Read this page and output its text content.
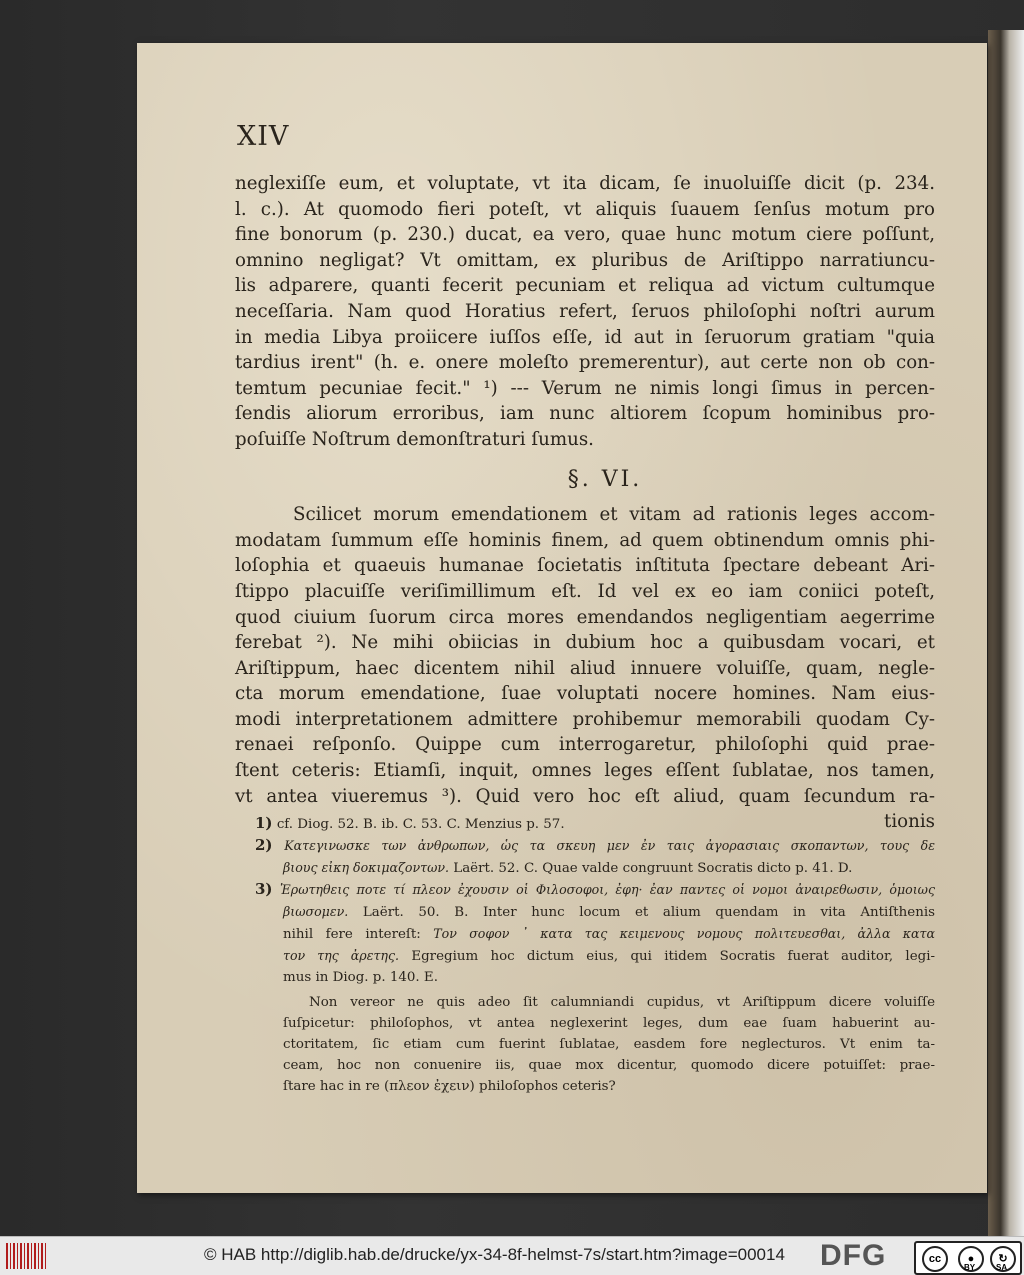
XIV
neglexiſſe eum, et voluptate, vt ita dicam, ſe inuoluiſſe dicit (p. 234.
l. c.). At quomodo fieri poteſt, vt aliquis ſuauem ſenſus motum pro
fine bonorum (p. 230.) ducat, ea vero, quae hunc motum ciere poſſunt,
omnino negligat? Vt omittam, ex pluribus de Ariſtippo narratiuncu-
lis adparere, quanti fecerit pecuniam et reliqua ad victum cultumque
neceſſaria. Nam quod Horatius refert, ſeruos philoſophi noſtri aurum
in media Libya proiicere iuſſos eſſe, id aut in ſeruorum gratiam "quia
tardius irent" (h. e. onere moleſto premerentur), aut certe non ob con-
temtum pecuniae fecit." ¹) --- Verum ne nimis longi ſimus in percen-
ſendis aliorum erroribus, iam nunc altiorem ſcopum hominibus pro-
poſuiſſe Noſtrum demonſtraturi ſumus.
§. VI.
Scilicet morum emendationem et vitam ad rationis leges accom-
modatam ſummum eſſe hominis finem, ad quem obtinendum omnis phi-
loſophia et quaeuis humanae ſocietatis inſtituta ſpectare debeant Ari-
ſtippo placuiſſe veriſimillimum eſt. Id vel ex eo iam coniici poteſt,
quod ciuium ſuorum circa mores emendandos negligentiam aegerrime
ferebat ²). Ne mihi obiicias in dubium hoc a quibusdam vocari, et
Ariſtippum, haec dicentem nihil aliud innuere voluiſſe, quam, negle-
cta morum emendatione, ſuae voluptati nocere homines. Nam eius-
modi interpretationem admittere prohibemur memorabili quodam Cy-
renaei reſponſo. Quippe cum interrogaretur, philoſophi quid prae-
ſtent ceteris: Etiamſi, inquit, omnes leges eſſent ſublatae, nos tamen,
vt antea viueremus ³). Quid vero hoc eſt aliud, quam ſecundum ra-
tionis
1) cf. Diog. 52. B. ib. C. 53. C. Menzius p. 57.
2) Κατεγινωσκε των ἀνθρωπων, ὡς τα σκευη μεν ἐν ταις ἀγορασιαις σκοπαντων, τους δε
βιους εἰκη δοκιμαζοντων. Laërt. 52. C. Quae valde congruunt Socratis dicto p. 41. D.
3) Ἐρωτηθεις ποτε τί πλεον ἐχουσιν οἱ Φιλοσοφοι, ἐφη· ἐαν παντες οἱ νομοι ἀναιρεθωσιν, ὁμοιως
βιωσομεν. Laërt. 50. B. Inter hunc locum et alium quendam in vita Antiſthenis
nihil fere intereſt: Τον σοφον ᾽ κατα τας κειμενους νομους πολιτευεσθαι, ἀλλα κατα
τον της ἀρετης. Egregium hoc dictum eius, qui itidem Socratis fuerat auditor, legi-
mus in Diog. p. 140. E.
Non vereor ne quis adeo ſit calumniandi cupidus, vt Ariſtippum dicere voluiſſe
ſuſpicetur: philoſophos, vt antea neglexerint leges, dum eae ſuam habuerint au-
ctoritatem, ſic etiam cum fuerint ſublatae, easdem fore neglecturos. Vt enim ta-
ceam, hoc non conuenire iis, quae mox dicentur, quomodo dicere potuiſſet: prae-
ſtare hac in re (πλεον ἐχειν) philoſophos ceteris?
© HAB http://diglib.hab.de/drucke/yx-34-8f-helmst-7s/start.htm?image=00014 DFG	cc	●	↻
BY	SA
